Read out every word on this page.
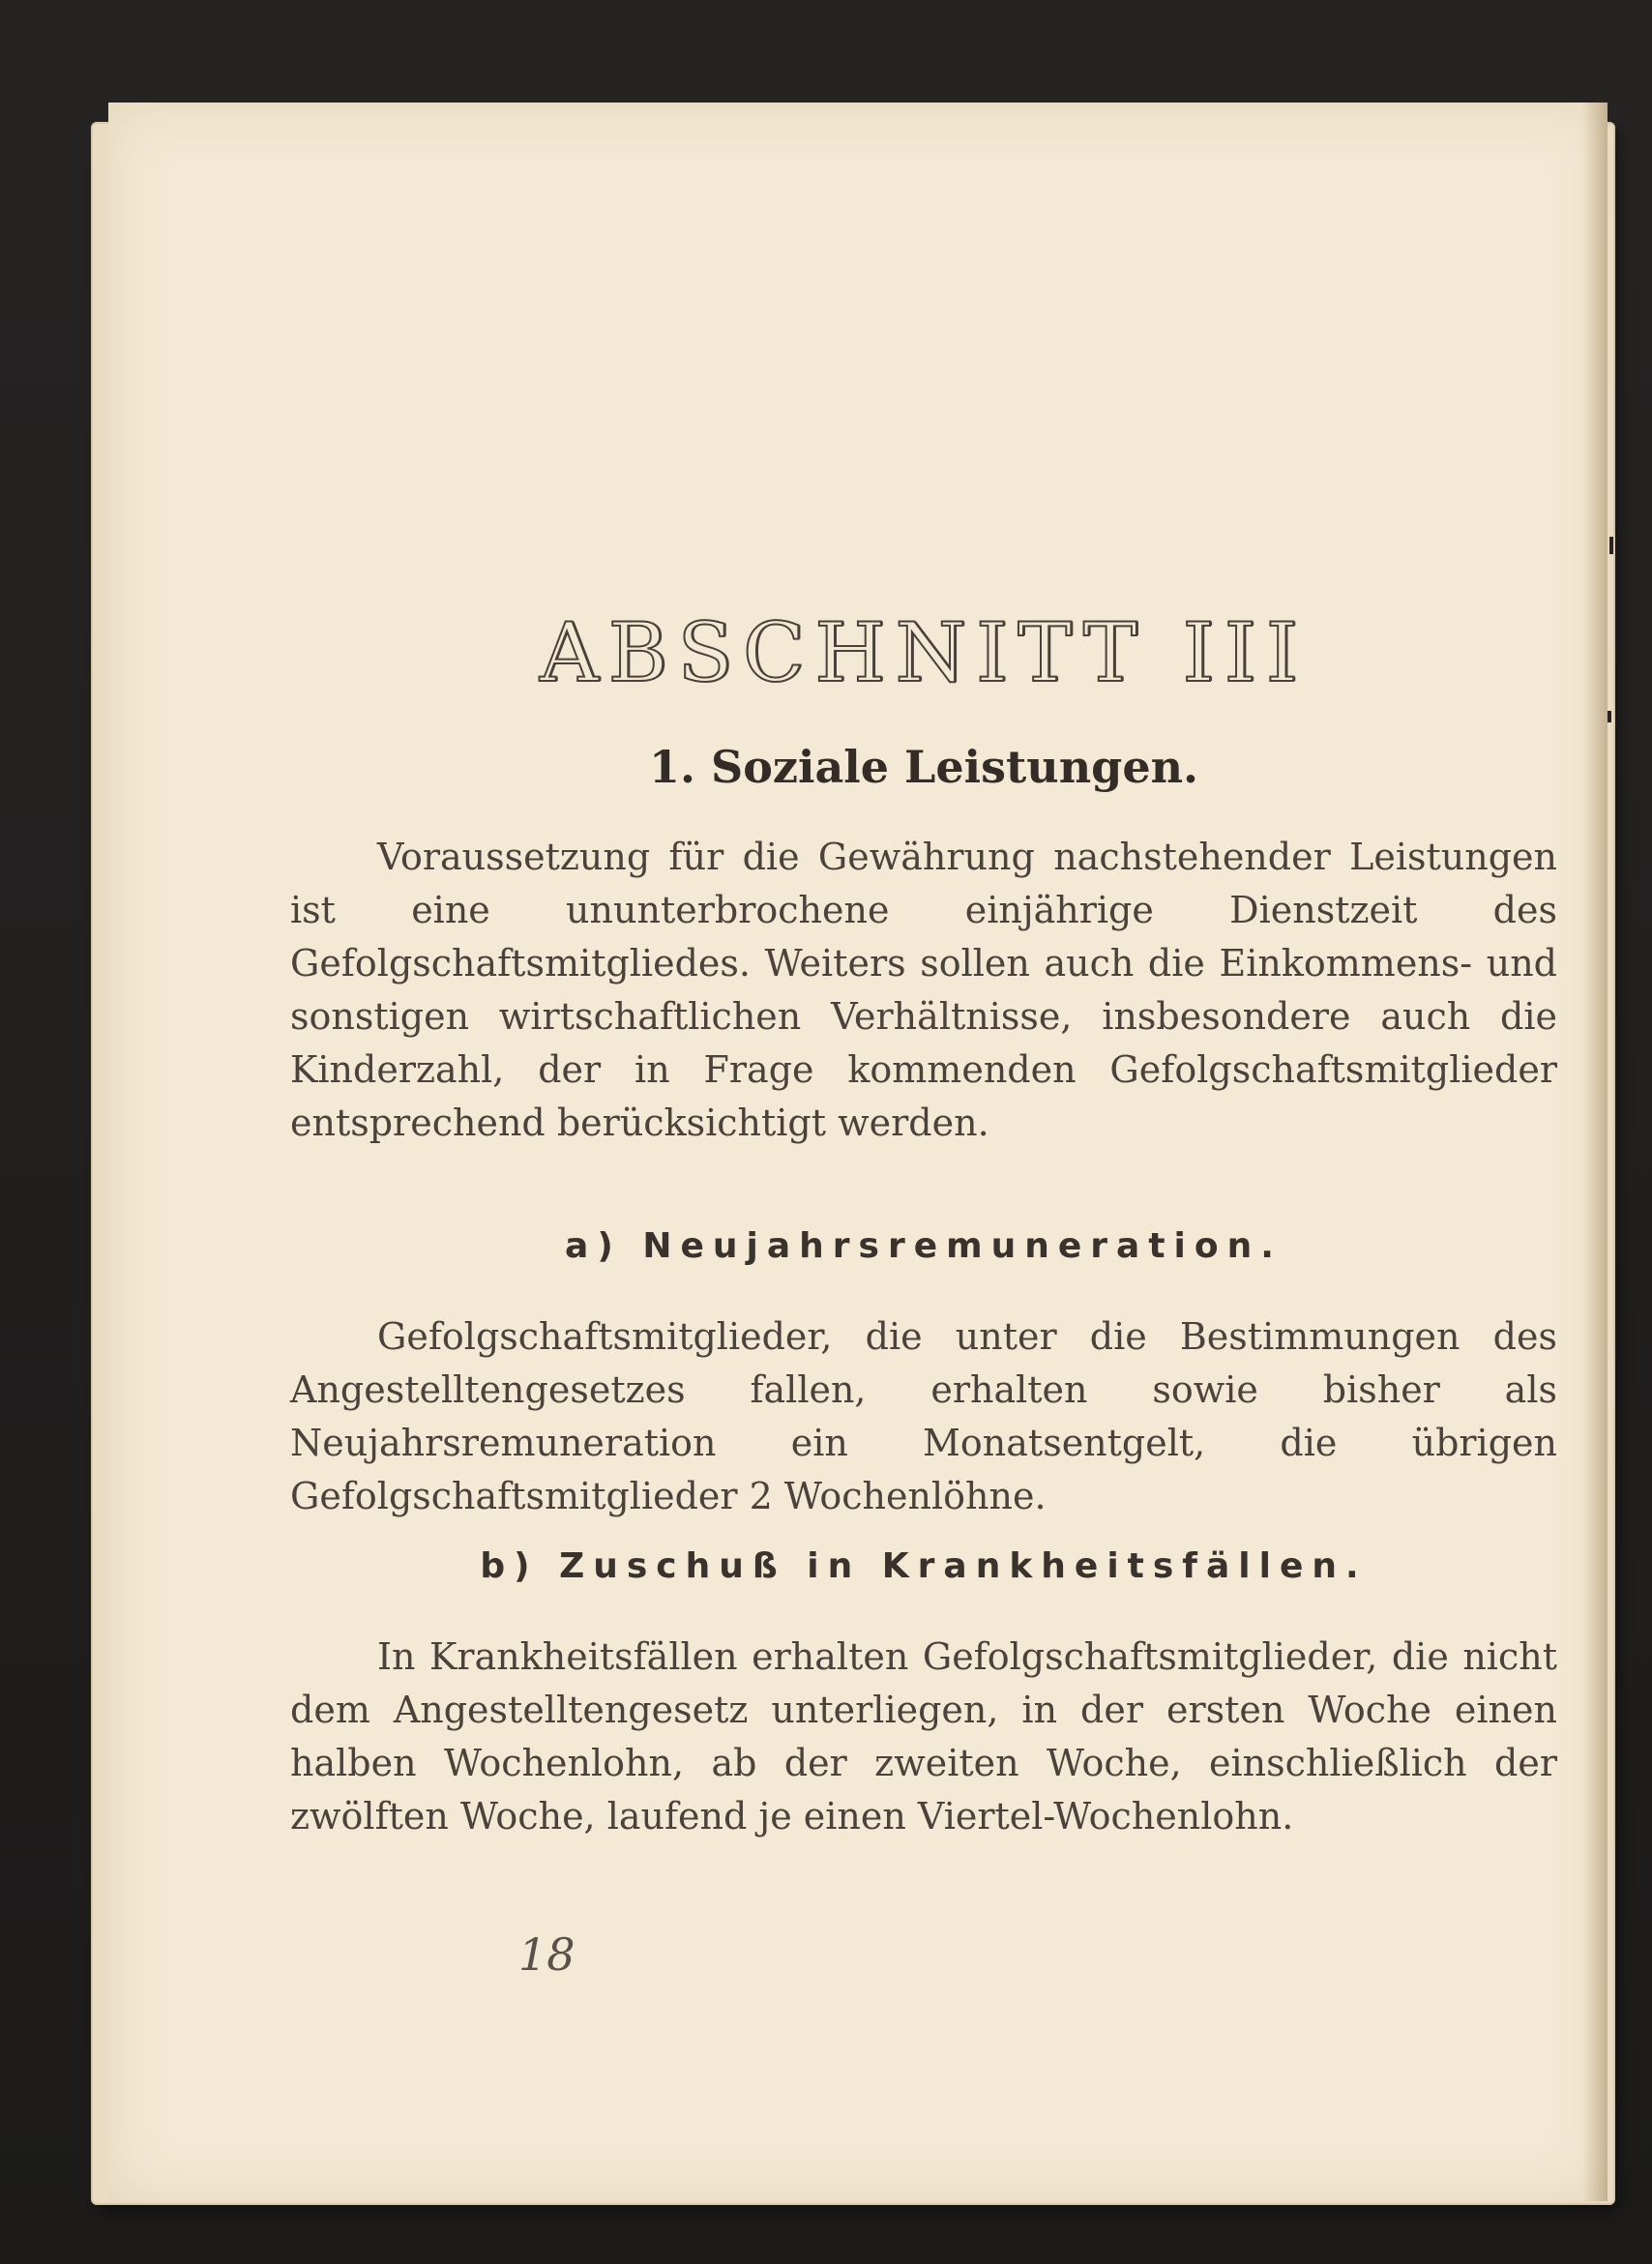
ABSCHNITT III
1. Soziale Leistungen.

Voraussetzung für die Gewährung nachstehender Leistungen ist eine ununterbrochene einjährige Dienstzeit des Gefolgschaftsmitgliedes. Weiters sollen auch die Einkommens- und sonstigen wirtschaftlichen Verhältnisse, insbesondere auch die Kinderzahl, der in Frage kommenden Gefolgschaftsmitglieder entsprechend berücksichtigt werden.

a) Neujahrsremuneration.

Gefolgschaftsmitglieder, die unter die Bestimmungen des Angestelltengesetzes fallen, erhalten sowie bisher als Neujahrsremuneration ein Monatsentgelt, die übrigen Gefolgschaftsmitglieder 2 Wochenlöhne.

b) Zuschuß in Krankheitsfällen.

In Krankheitsfällen erhalten Gefolgschaftsmitglieder, die nicht dem Angestelltengesetz unterliegen, in der ersten Woche einen halben Wochenlohn, ab der zweiten Woche, einschließlich der zwölften Woche, laufend je einen Viertel-Wochenlohn.

18
